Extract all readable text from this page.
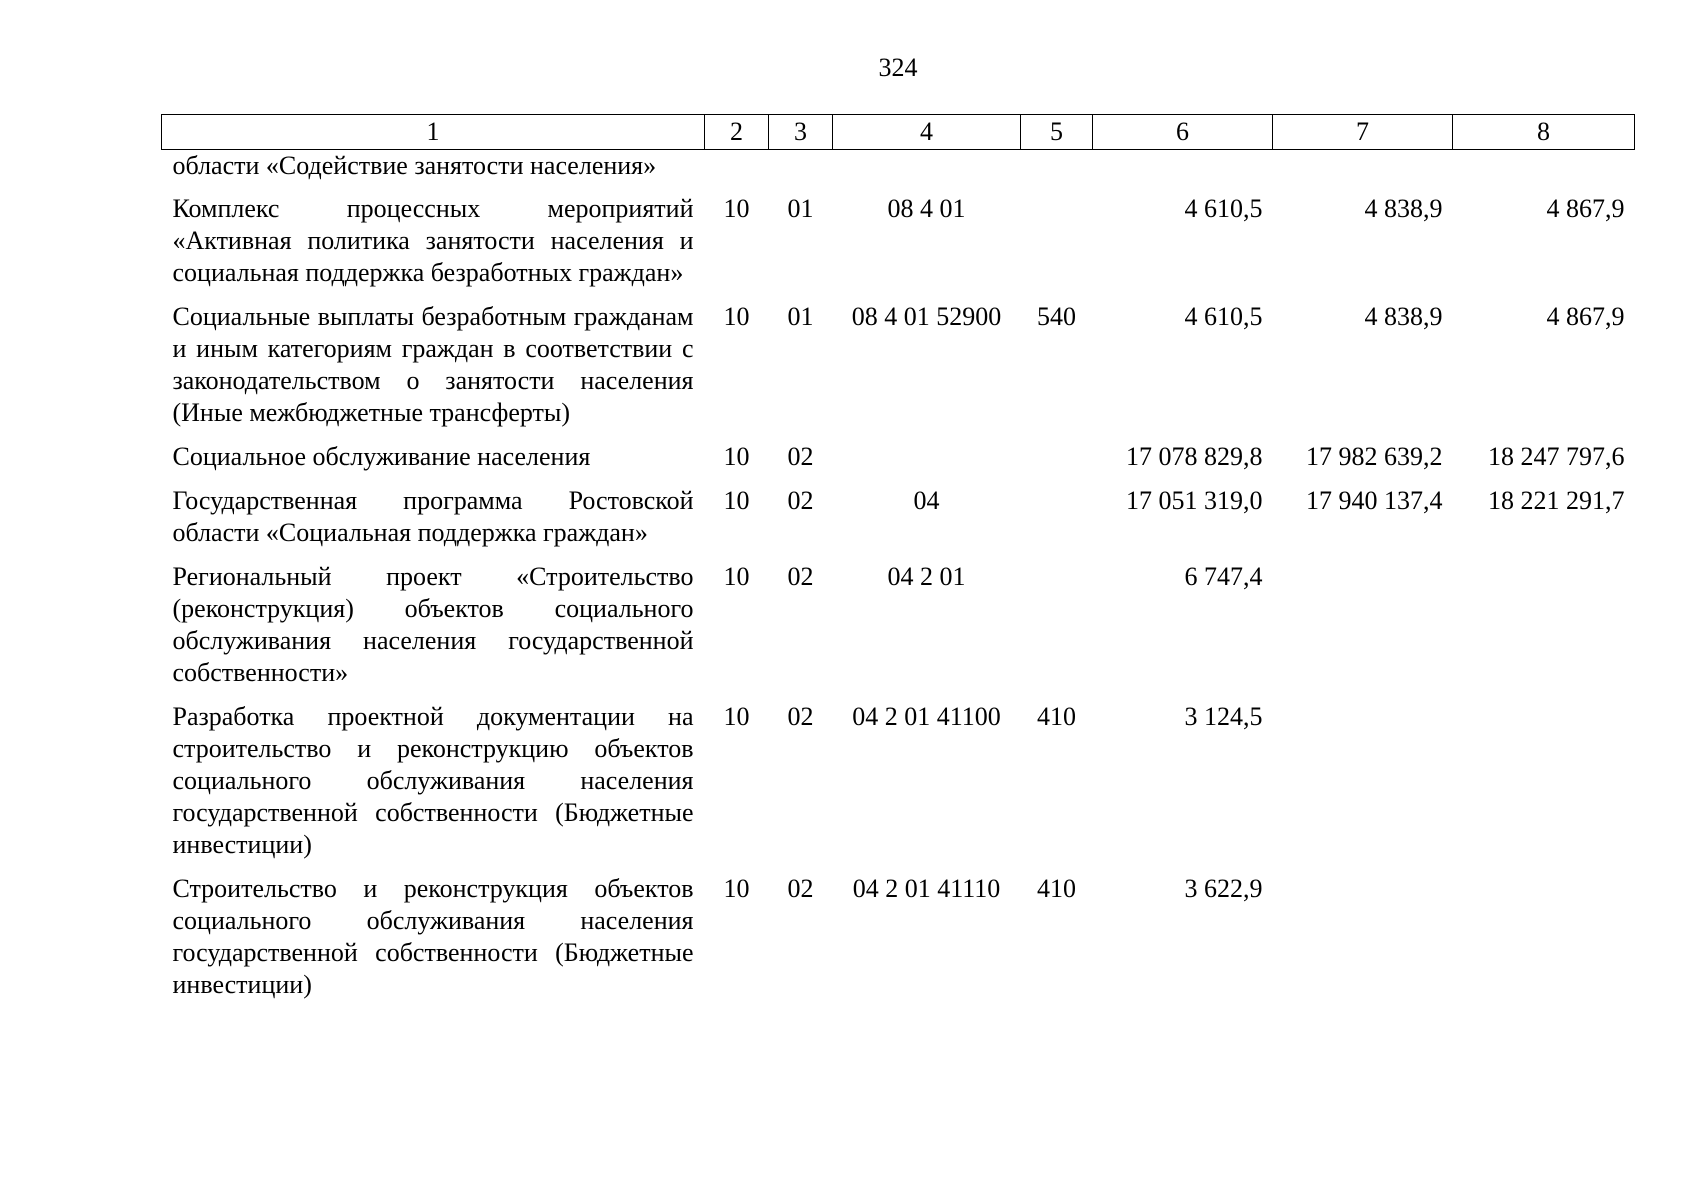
324
1	2	3	4	5	6	7	8
области «Содействие занятости населения»							
Комплекс процессных мероприятий «Активная политика занятости населения и социальная поддержка безработных граждан»	10	01	08 4 01		4 610,5	4 838,9	4 867,9
Социальные выплаты безработным гражданам и иным категориям граждан в соответствии с законодательством о занятости населения (Иные межбюджетные трансферты)	10	01	08 4 01 52900	540	4 610,5	4 838,9	4 867,9
Социальное обслуживание населения	10	02			17 078 829,8	17 982 639,2	18 247 797,6
Государственная программа Ростовской области «Социальная поддержка граждан»	10	02	04		17 051 319,0	17 940 137,4	18 221 291,7
Региональный проект «Строительство (реконструкция) объектов социального обслуживания населения государственной собственности»	10	02	04 2 01		6 747,4		
Разработка проектной документации на строительство и реконструкцию объектов социального обслуживания населения государственной собственности (Бюджетные инвестиции)	10	02	04 2 01 41100	410	3 124,5		
Строительство и реконструкция объектов социального обслуживания населения государственной собственности (Бюджетные инвестиции)	10	02	04 2 01 41110	410	3 622,9		
